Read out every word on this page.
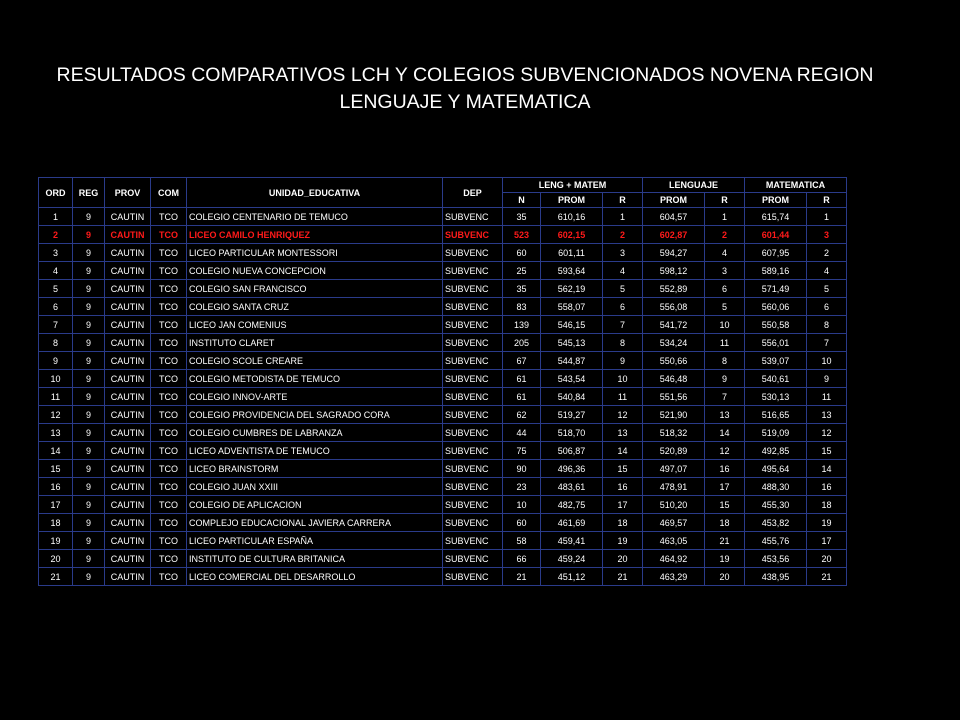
RESULTADOS COMPARATIVOS LCH Y COLEGIOS SUBVENCIONADOS NOVENA REGION
LENGUAJE Y MATEMATICA
ORD	REG	PROV	COM	UNIDAD_EDUCATIVA	DEP	LENG + MATEM			LENGUAJE		MATEMATICA	
						N	PROM	R	PROM	R	PROM	R
1	9	CAUTIN	TCO	COLEGIO CENTENARIO DE TEMUCO	SUBVENC	35	610,16	1	604,57	1	615,74	1
2	9	CAUTIN	TCO	LICEO CAMILO HENRIQUEZ	SUBVENC	523	602,15	2	602,87	2	601,44	3
3	9	CAUTIN	TCO	LICEO PARTICULAR MONTESSORI	SUBVENC	60	601,11	3	594,27	4	607,95	2
4	9	CAUTIN	TCO	COLEGIO NUEVA CONCEPCION	SUBVENC	25	593,64	4	598,12	3	589,16	4
5	9	CAUTIN	TCO	COLEGIO SAN FRANCISCO	SUBVENC	35	562,19	5	552,89	6	571,49	5
6	9	CAUTIN	TCO	COLEGIO SANTA CRUZ	SUBVENC	83	558,07	6	556,08	5	560,06	6
7	9	CAUTIN	TCO	LICEO JAN COMENIUS	SUBVENC	139	546,15	7	541,72	10	550,58	8
8	9	CAUTIN	TCO	INSTITUTO CLARET	SUBVENC	205	545,13	8	534,24	11	556,01	7
9	9	CAUTIN	TCO	COLEGIO SCOLE CREARE	SUBVENC	67	544,87	9	550,66	8	539,07	10
10	9	CAUTIN	TCO	COLEGIO METODISTA DE TEMUCO	SUBVENC	61	543,54	10	546,48	9	540,61	9
11	9	CAUTIN	TCO	COLEGIO INNOV-ARTE	SUBVENC	61	540,84	11	551,56	7	530,13	11
12	9	CAUTIN	TCO	COLEGIO PROVIDENCIA DEL SAGRADO CORA	SUBVENC	62	519,27	12	521,90	13	516,65	13
13	9	CAUTIN	TCO	COLEGIO CUMBRES DE LABRANZA	SUBVENC	44	518,70	13	518,32	14	519,09	12
14	9	CAUTIN	TCO	LICEO ADVENTISTA DE TEMUCO	SUBVENC	75	506,87	14	520,89	12	492,85	15
15	9	CAUTIN	TCO	LICEO BRAINSTORM	SUBVENC	90	496,36	15	497,07	16	495,64	14
16	9	CAUTIN	TCO	COLEGIO JUAN XXIII	SUBVENC	23	483,61	16	478,91	17	488,30	16
17	9	CAUTIN	TCO	COLEGIO DE APLICACION	SUBVENC	10	482,75	17	510,20	15	455,30	18
18	9	CAUTIN	TCO	COMPLEJO EDUCACIONAL JAVIERA CARRERA	SUBVENC	60	461,69	18	469,57	18	453,82	19
19	9	CAUTIN	TCO	LICEO PARTICULAR ESPAÑA	SUBVENC	58	459,41	19	463,05	21	455,76	17
20	9	CAUTIN	TCO	INSTITUTO DE CULTURA BRITANICA	SUBVENC	66	459,24	20	464,92	19	453,56	20
21	9	CAUTIN	TCO	LICEO COMERCIAL DEL DESARROLLO	SUBVENC	21	451,12	21	463,29	20	438,95	21
